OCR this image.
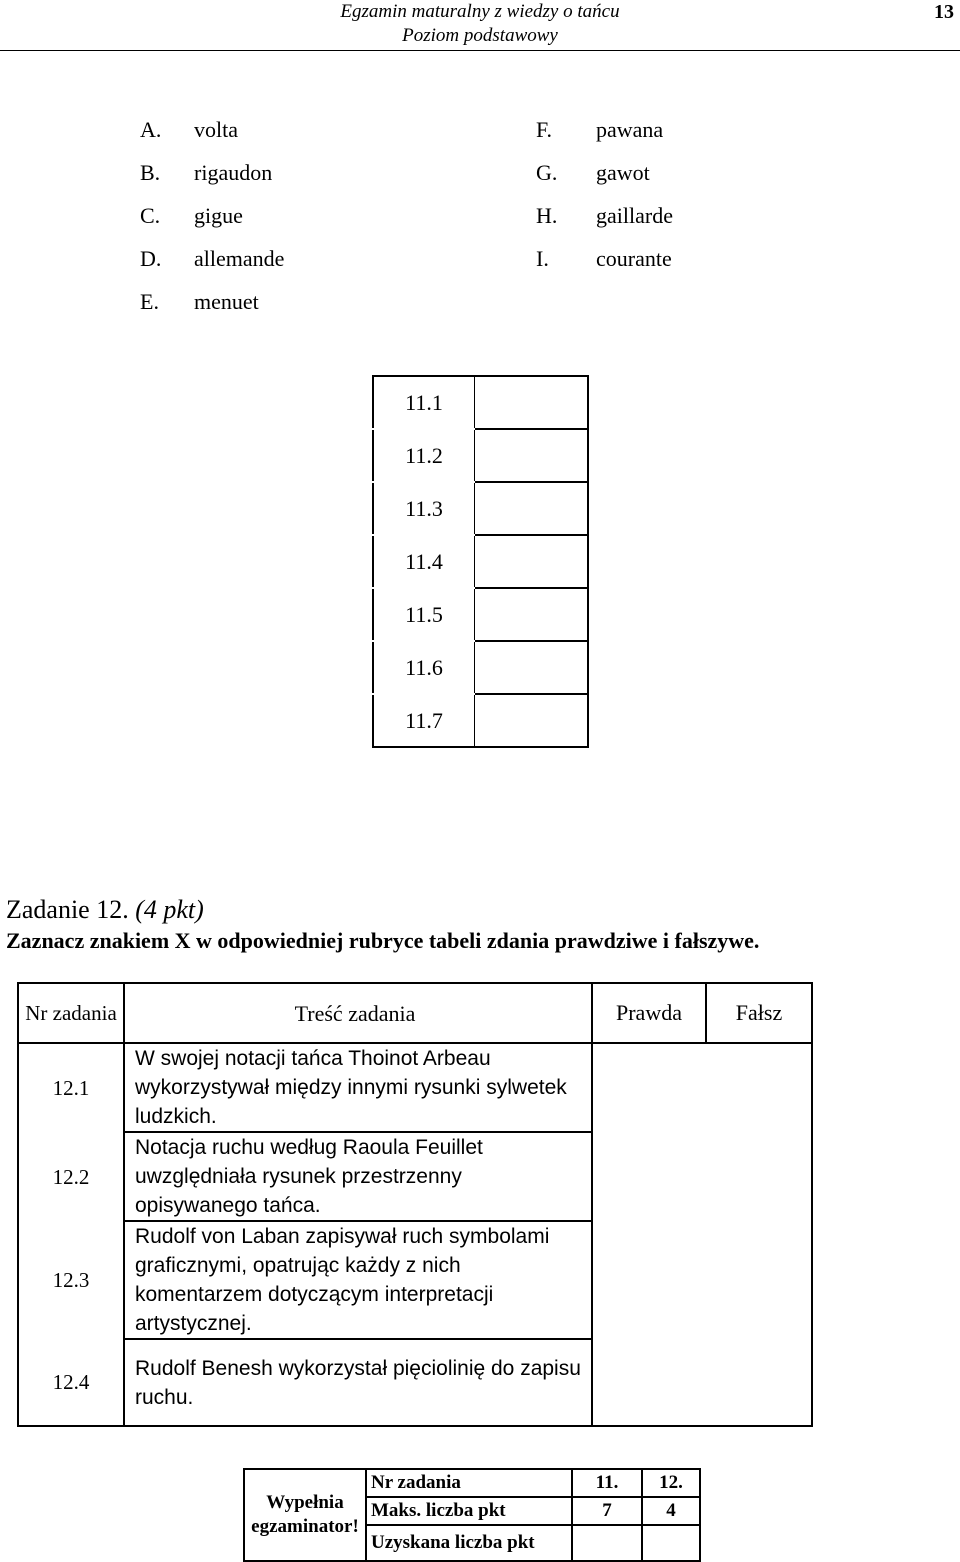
Egzamin maturalny z wiedzy o tańcu
Poziom podstawowy
13
A. volta
B. rigaudon
C. gigue
D. allemande
E. menuet
F. pawana
G. gawot
H. gaillarde
I. courante
11.1	
11.2	
11.3	
11.4	
11.5	
11.6	
11.7	
Zadanie 12. (4 pkt)
Zaznacz znakiem X w odpowiedniej rubryce tabeli zdania prawdziwe i fałszywe.
Nr zadania	Treść zadania	Prawda	Fałsz
12.1	W swojej notacji tańca Thoinot Arbeau wykorzystywał między innymi rysunki sylwetek ludzkich.		
12.2	Notacja ruchu według Raoula Feuillet uwzględniała rysunek przestrzenny opisywanego tańca.		
12.3	Rudolf von Laban zapisywał ruch symbolami graficznymi, opatrując każdy z nich komentarzem dotyczącym interpretacji artystycznej.		
12.4	Rudolf Benesh wykorzystał pięciolinię do zapisu ruchu.		
Wypełnia egzaminator!	Nr zadania	11.	12.
	Maks. liczba pkt	7	4
	Uzyskana liczba pkt		
